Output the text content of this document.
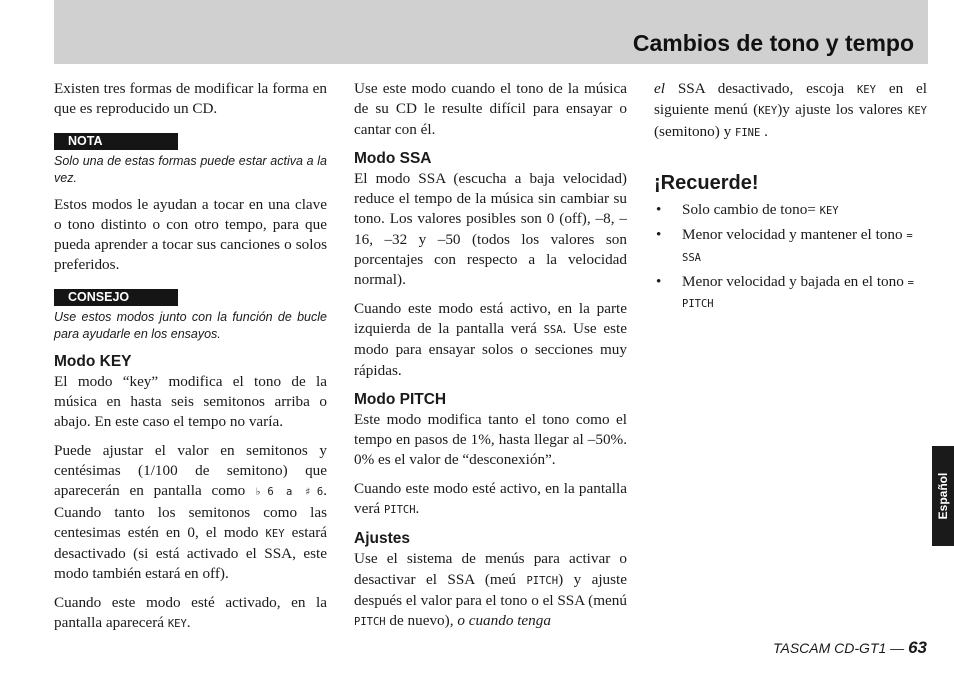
Cambios de tono y tempo

Existen tres formas de modificar la forma en que es reproducido un CD.

NOTA

Solo una de estas formas puede estar activa a la vez.

Estos modos le ayudan a tocar en una clave o tono distinto o con otro tempo, para que pueda aprender a tocar sus canciones o solos preferidos.

CONSEJO

Use estos modos junto con la función de bucle para ayudarle en los ensayos.

Modo KEY

El modo “key” modifica el tono de la música en hasta seis semitonos arriba o abajo. En este caso el tempo no varía.

Puede ajustar el valor en semitonos y centésimas (1/100 de semitono) que aparecerán en pantalla como ♭6 a ♯6. Cuando tanto los semitonos como las centesimas estén en 0, el modo KEY estará desactivado (si está activado el SSA, este modo también estará en off).

Cuando este modo esté activado, en la pantalla aparecerá KEY.

Use este modo cuando el tono de la música de su CD le resulte difícil para ensayar o cantar con él.

Modo SSA

El modo SSA (escucha a baja velocidad) reduce el tempo de la música sin cambiar su tono. Los valores posibles son 0 (off), –8, –16, –32 y –50 (todos los valores son porcentajes con respecto a la velocidad normal).

Cuando este modo está activo, en la parte izquierda de la pantalla verá SSA. Use este modo para ensayar solos o secciones muy rápidas.

Modo PITCH

Este modo modifica tanto el tono como el tempo en pasos de 1%, hasta llegar al –50%. 0% es el valor de “desconexión”.

Cuando este modo esté activo, en la pantalla verá PITCH.

Ajustes

Use el sistema de menús para activar o desactivar el SSA (meú PITCH) y ajuste después el valor para el tono o el SSA (menú PITCH de nuevo), o cuando tenga

el SSA desactivado, escoja KEY en el siguiente menú (KEY)y ajuste los valores KEY (semitono) y FINE .

¡Recuerde!
• Solo cambio de tono= KEY
• Menor velocidad y mantener el tono = SSA
• Menor velocidad y bajada en el tono = PITCH
Español
TASCAM CD-GT1 — 63
